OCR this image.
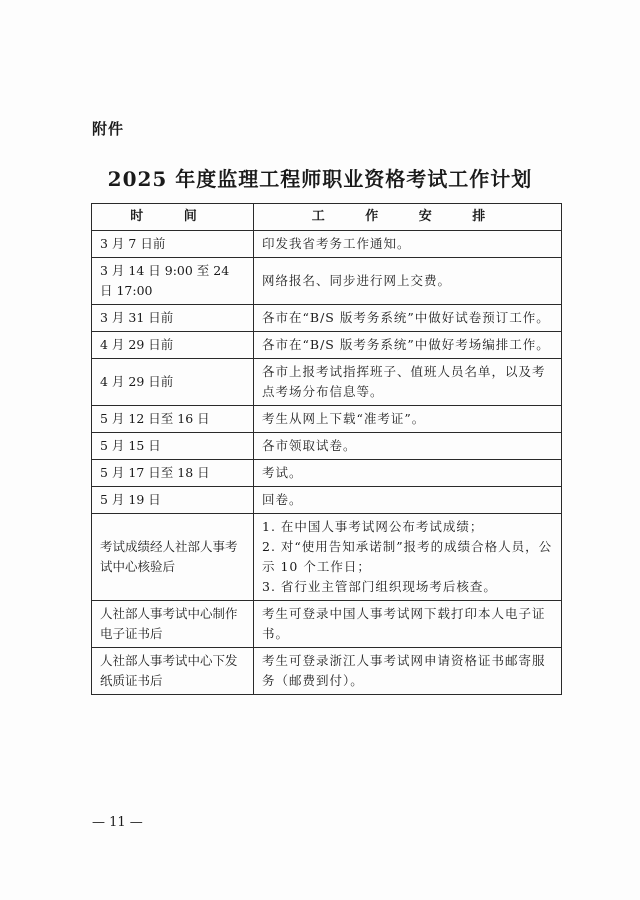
附件
2025 年度监理工程师职业资格考试工作计划
时 间	工 作 安 排
3 月 7 日前	印发我省考务工作通知。

3 月 14 日 9:00 至 24 日 17:00	网络报名、同步进行网上交费。

3 月 31 日前	各市在“B/S 版考务系统”中做好试卷预订工作。

4 月 29 日前	各市在“B/S 版考务系统”中做好考场编排工作。

4 月 29 日前	各市上报考试指挥班子、值班人员名单，以及考点考场分布信息等。

5 月 12 日至 16 日	考生从网上下载“准考证”。

5 月 15 日	各市领取试卷。

5 月 17 日至 18 日	考试。

5 月 19 日	回卷。

考试成绩经人社部人事考试中心核验后	1. 在中国人事考试网公布考试成绩；
2. 对“使用告知承诺制”报考的成绩合格人员，公示 10 个工作日；
3. 省行业主管部门组织现场考后核查。

人社部人事考试中心制作电子证书后	考生可登录中国人事考试网下载打印本人电子证书。

人社部人事考试中心下发纸质证书后	考生可登录浙江人事考试网申请资格证书邮寄服务（邮费到付）。
— 11 —
